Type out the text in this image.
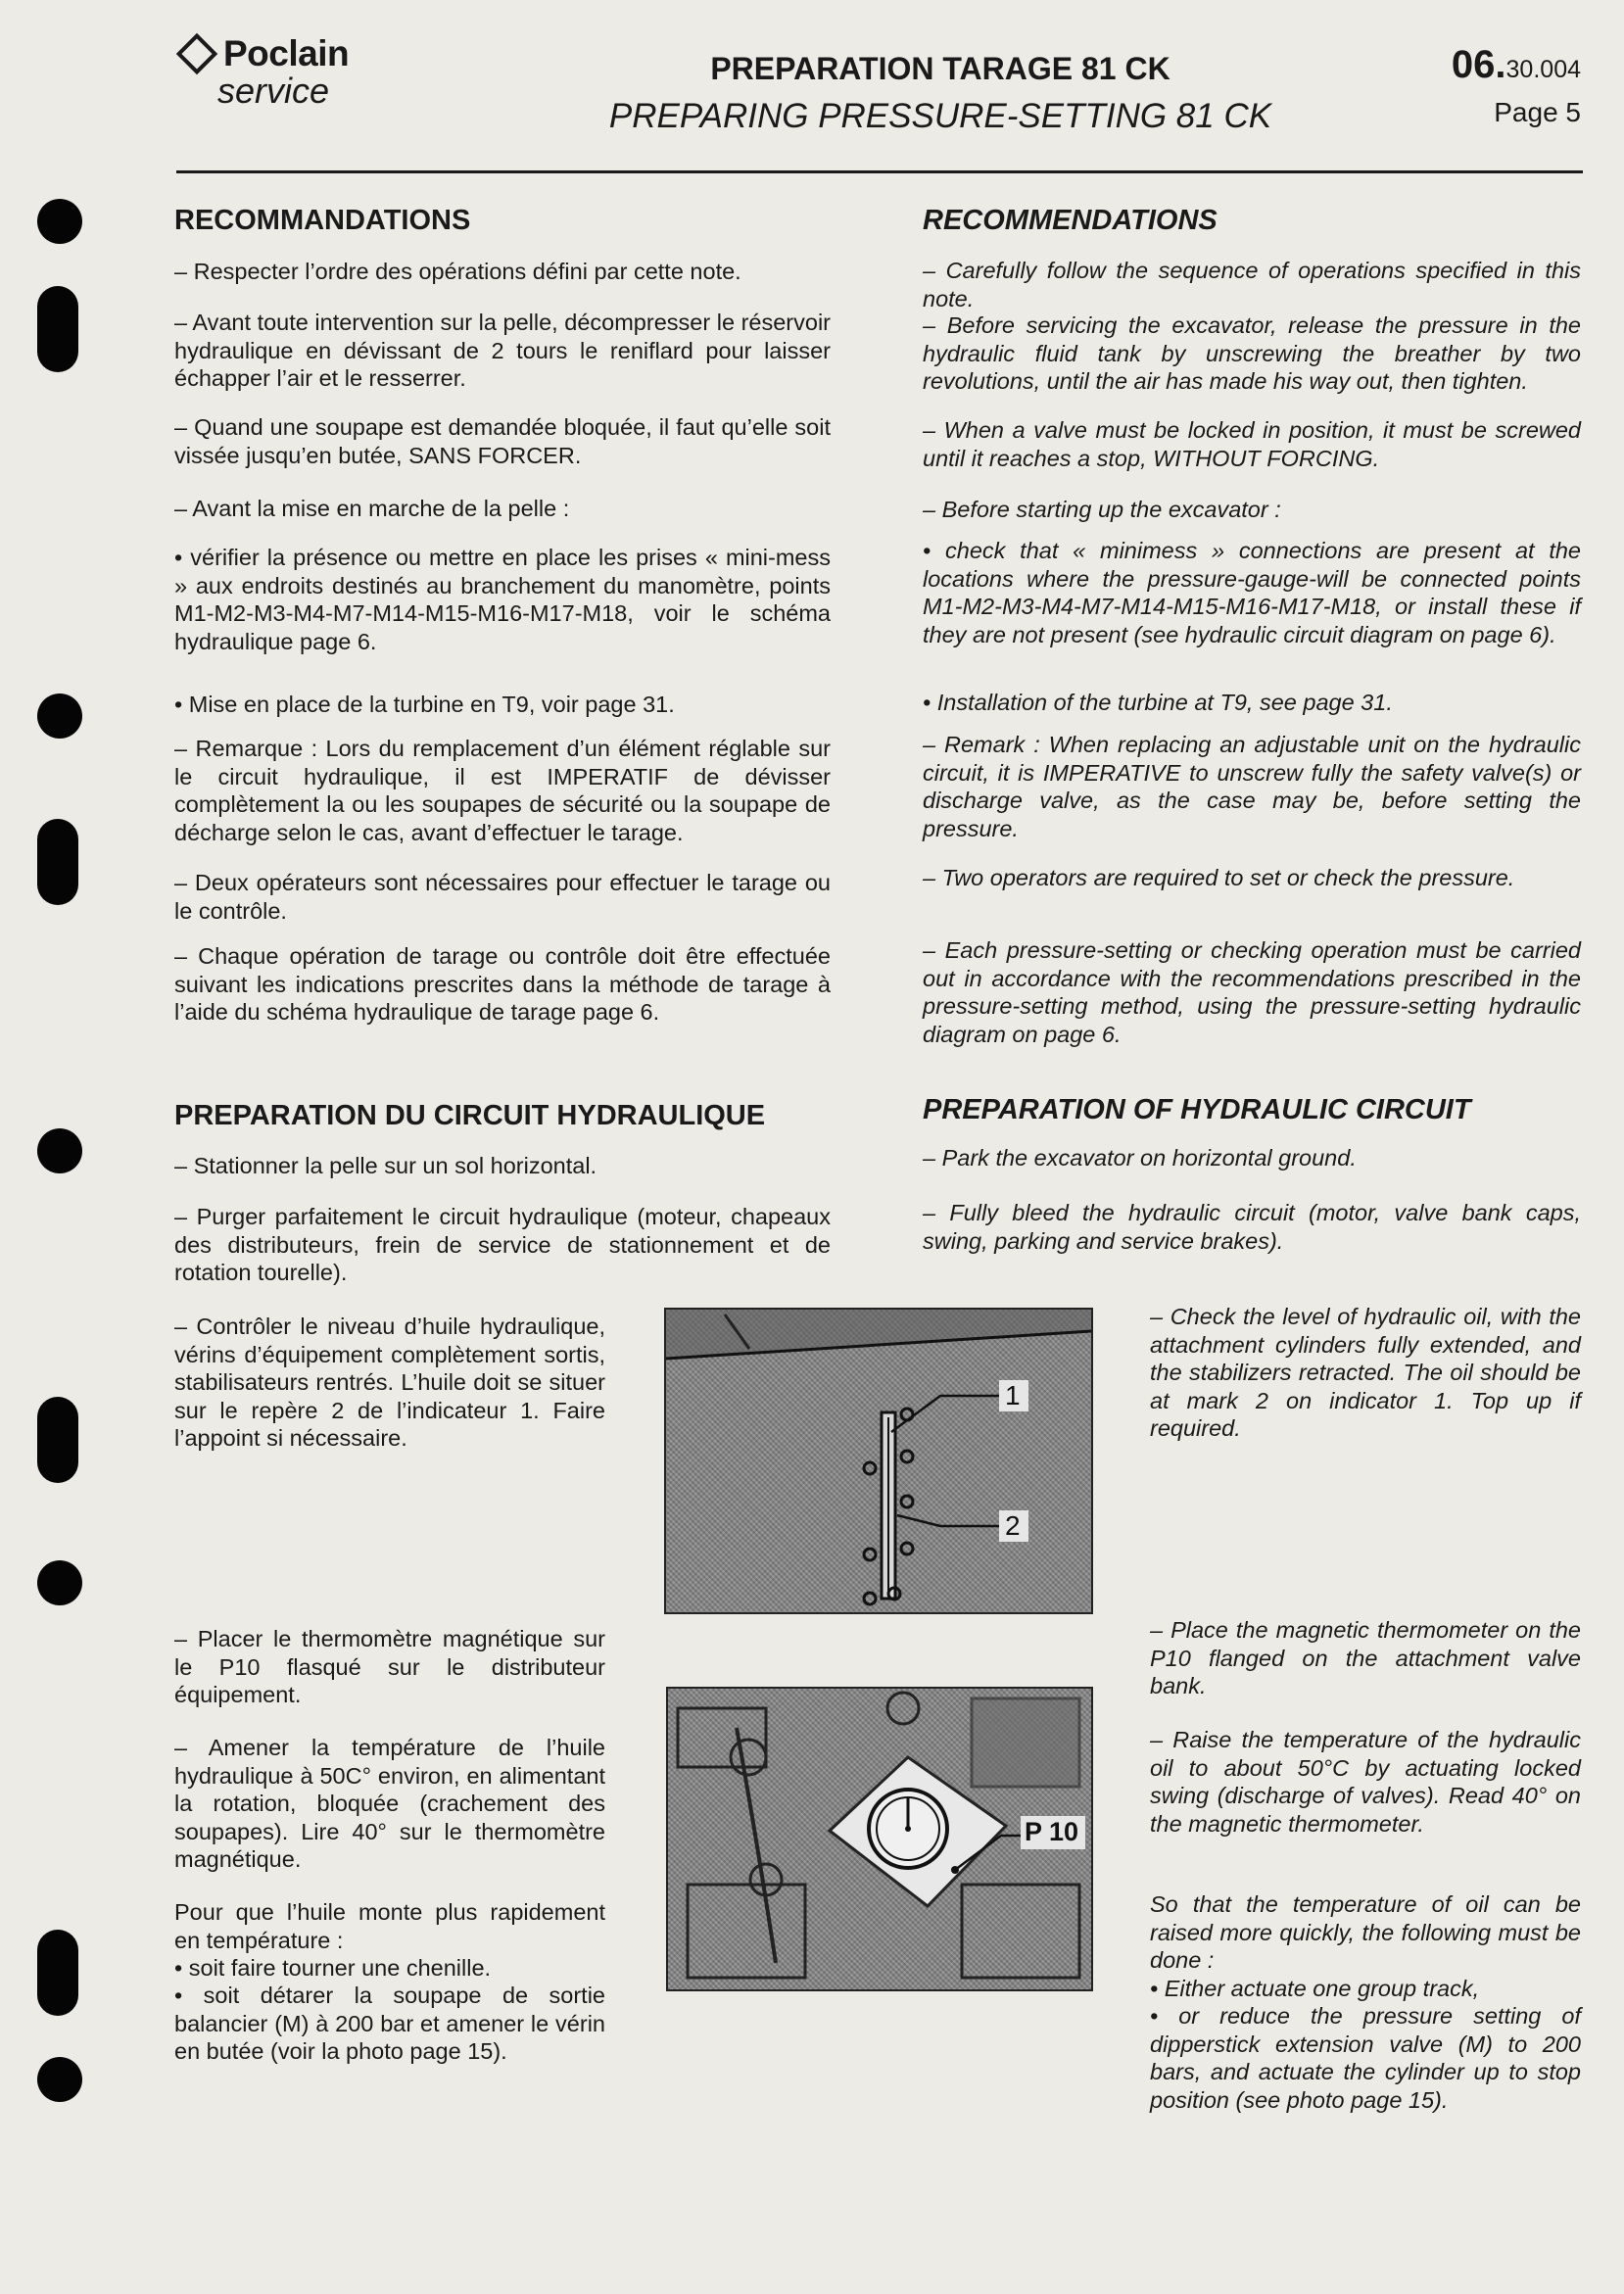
Poclain
service
PREPARATION TARAGE 81 CK
PREPARING PRESSURE-SETTING 81 CK
06.30.004
Page 5
RECOMMANDATIONS

– Respecter l’ordre des opérations défini par cette note.

– Avant toute intervention sur la pelle, décompresser le réservoir hydraulique en dévissant de 2 tours le reniflard pour laisser échapper l’air et le resserrer.

– Quand une soupape est demandée bloquée, il faut qu’elle soit vissée jusqu’en butée, SANS FORCER.

– Avant la mise en marche de la pelle :

• vérifier la présence ou mettre en place les prises « mini-mess » aux endroits destinés au branchement du manomètre, points M1-M2-M3-M4-M7-M14-M15-M16-M17-M18, voir le schéma hydraulique page 6.

• Mise en place de la turbine en T9, voir page 31.

– Remarque : Lors du remplacement d’un élément réglable sur le circuit hydraulique, il est IMPERATIF de dévisser complètement la ou les soupapes de sécurité ou la soupape de décharge selon le cas, avant d’effectuer le tarage.

– Deux opérateurs sont nécessaires pour effectuer le tarage ou le contrôle.

– Chaque opération de tarage ou contrôle doit être effectuée suivant les indications prescrites dans la méthode de tarage à l’aide du schéma hydraulique de tarage page 6.

PREPARATION DU CIRCUIT HYDRAULIQUE

– Stationner la pelle sur un sol horizontal.

– Purger parfaitement le circuit hydraulique (moteur, chapeaux des distributeurs, frein de service de stationnement et de rotation tourelle).

– Contrôler le niveau d’huile hydraulique, vérins d’équipement complètement sortis, stabilisateurs rentrés. L’huile doit se situer sur le repère 2 de l’indicateur 1. Faire l’appoint si nécessaire.

– Placer le thermomètre magnétique sur le P10 flasqué sur le distributeur équipement.

– Amener la température de l’huile hydraulique à 50C° environ, en alimentant la rotation, bloquée (crachement des soupapes). Lire 40° sur le thermomètre magnétique.

Pour que l’huile monte plus rapidement en température :

• soit faire tourner une chenille.

• soit détarer la soupape de sortie balancier (M) à 200 bar et amener le vérin en butée (voir la photo page 15).

RECOMMENDATIONS

– Carefully follow the sequence of operations specified in this note.

– Before servicing the excavator, release the pressure in the hydraulic fluid tank by unscrewing the breather by two revolutions, until the air has made his way out, then tighten.

– When a valve must be locked in position, it must be screwed until it reaches a stop, WITHOUT FORCING.

– Before starting up the excavator :

• check that « minimess » connections are present at the locations where the pressure-gauge-will be connected points M1-M2-M3-M4-M7-M14-M15-M16-M17-M18, or install these if they are not present (see hydraulic circuit diagram on page 6).

• Installation of the turbine at T9, see page 31.

– Remark : When replacing an adjustable unit on the hydraulic circuit, it is IMPERATIVE to unscrew fully the safety valve(s) or discharge valve, as the case may be, before setting the pressure.

– Two operators are required to set or check the pressure.

– Each pressure-setting or checking operation must be carried out in accordance with the recommendations prescribed in the pressure-setting method, using the pressure-setting hydraulic diagram on page 6.

PREPARATION OF HYDRAULIC CIRCUIT

– Park the excavator on horizontal ground.

– Fully bleed the hydraulic circuit (motor, valve bank caps, swing, parking and service brakes).

– Check the level of hydraulic oil, with the attachment cylinders fully extended, and the stabilizers retracted. The oil should be at mark 2 on indicator 1. Top up if required.

– Place the magnetic thermometer on the P10 flanged on the attachment valve bank.

– Raise the temperature of the hydraulic oil to about 50°C by actuating locked swing (discharge of valves). Read 40° on the magnetic thermometer.

So that the temperature of oil can be raised more quickly, the following must be done :

• Either actuate one group track,

• or reduce the pressure setting of dipperstick extension valve (M) to 200 bars, and actuate the cylinder up to stop position (see photo page 15).

1
2
P 10
